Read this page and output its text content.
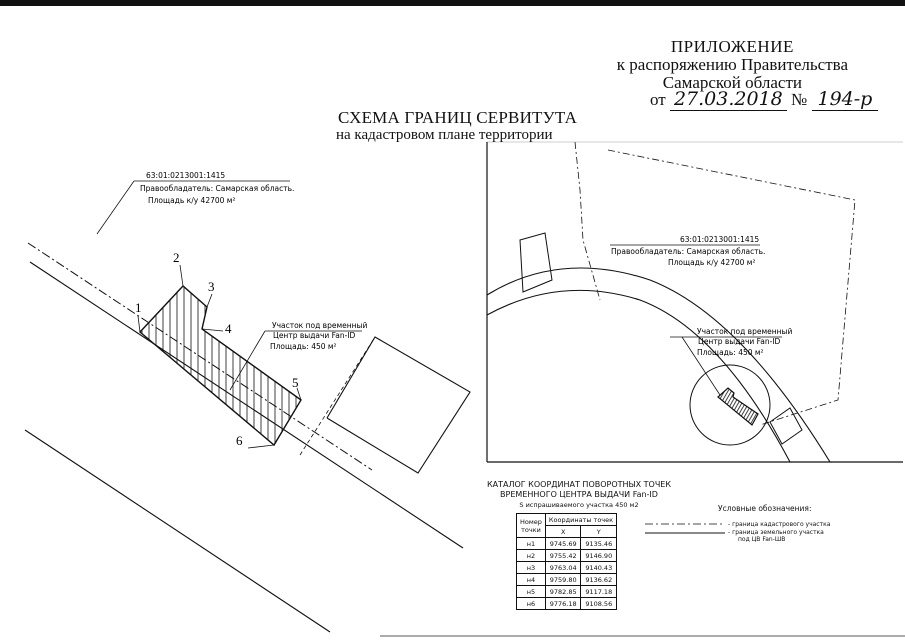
ПРИЛОЖЕНИЕ
к распоряжению Правительства
Самарской области
от 27.03.2018 № 194-р
СХЕМА ГРАНИЦ СЕРВИТУТА
на кадастровом плане территории
1
2
3
4
5
6
63:01:0213001:1415
Правообладатель: Самарская область.
Площадь к/у 42700 м²
Участок под временный
Центр выдачи Fan-ID
Площадь: 450 м²
63:01:0213001:1415
Правообладатель: Самарская область.
Площадь к/у 42700 м²
Участок под временный
Центр выдачи Fan-ID
Площадь: 450 м²
КАТАЛОГ КООРДИНАТ ПОВОРОТНЫХ ТОЧЕК
ВРЕМЕННОГО ЦЕНТРА ВЫДАЧИ Fan-ID
S испрашиваемого участка 450 м2
Номер
точки	Координаты точек	
	X	Y
н1	9745.69	9135.46
н2	9755.42	9146.90
н3	9763.04	9140.43
н4	9759.80	9136.62
н5	9782.85	9117.18
н6	9776.18	9108.56
Условные обозначения:
- граница кадастрового участка
- граница земельного участка
под ЦВ Fan-ШВ
